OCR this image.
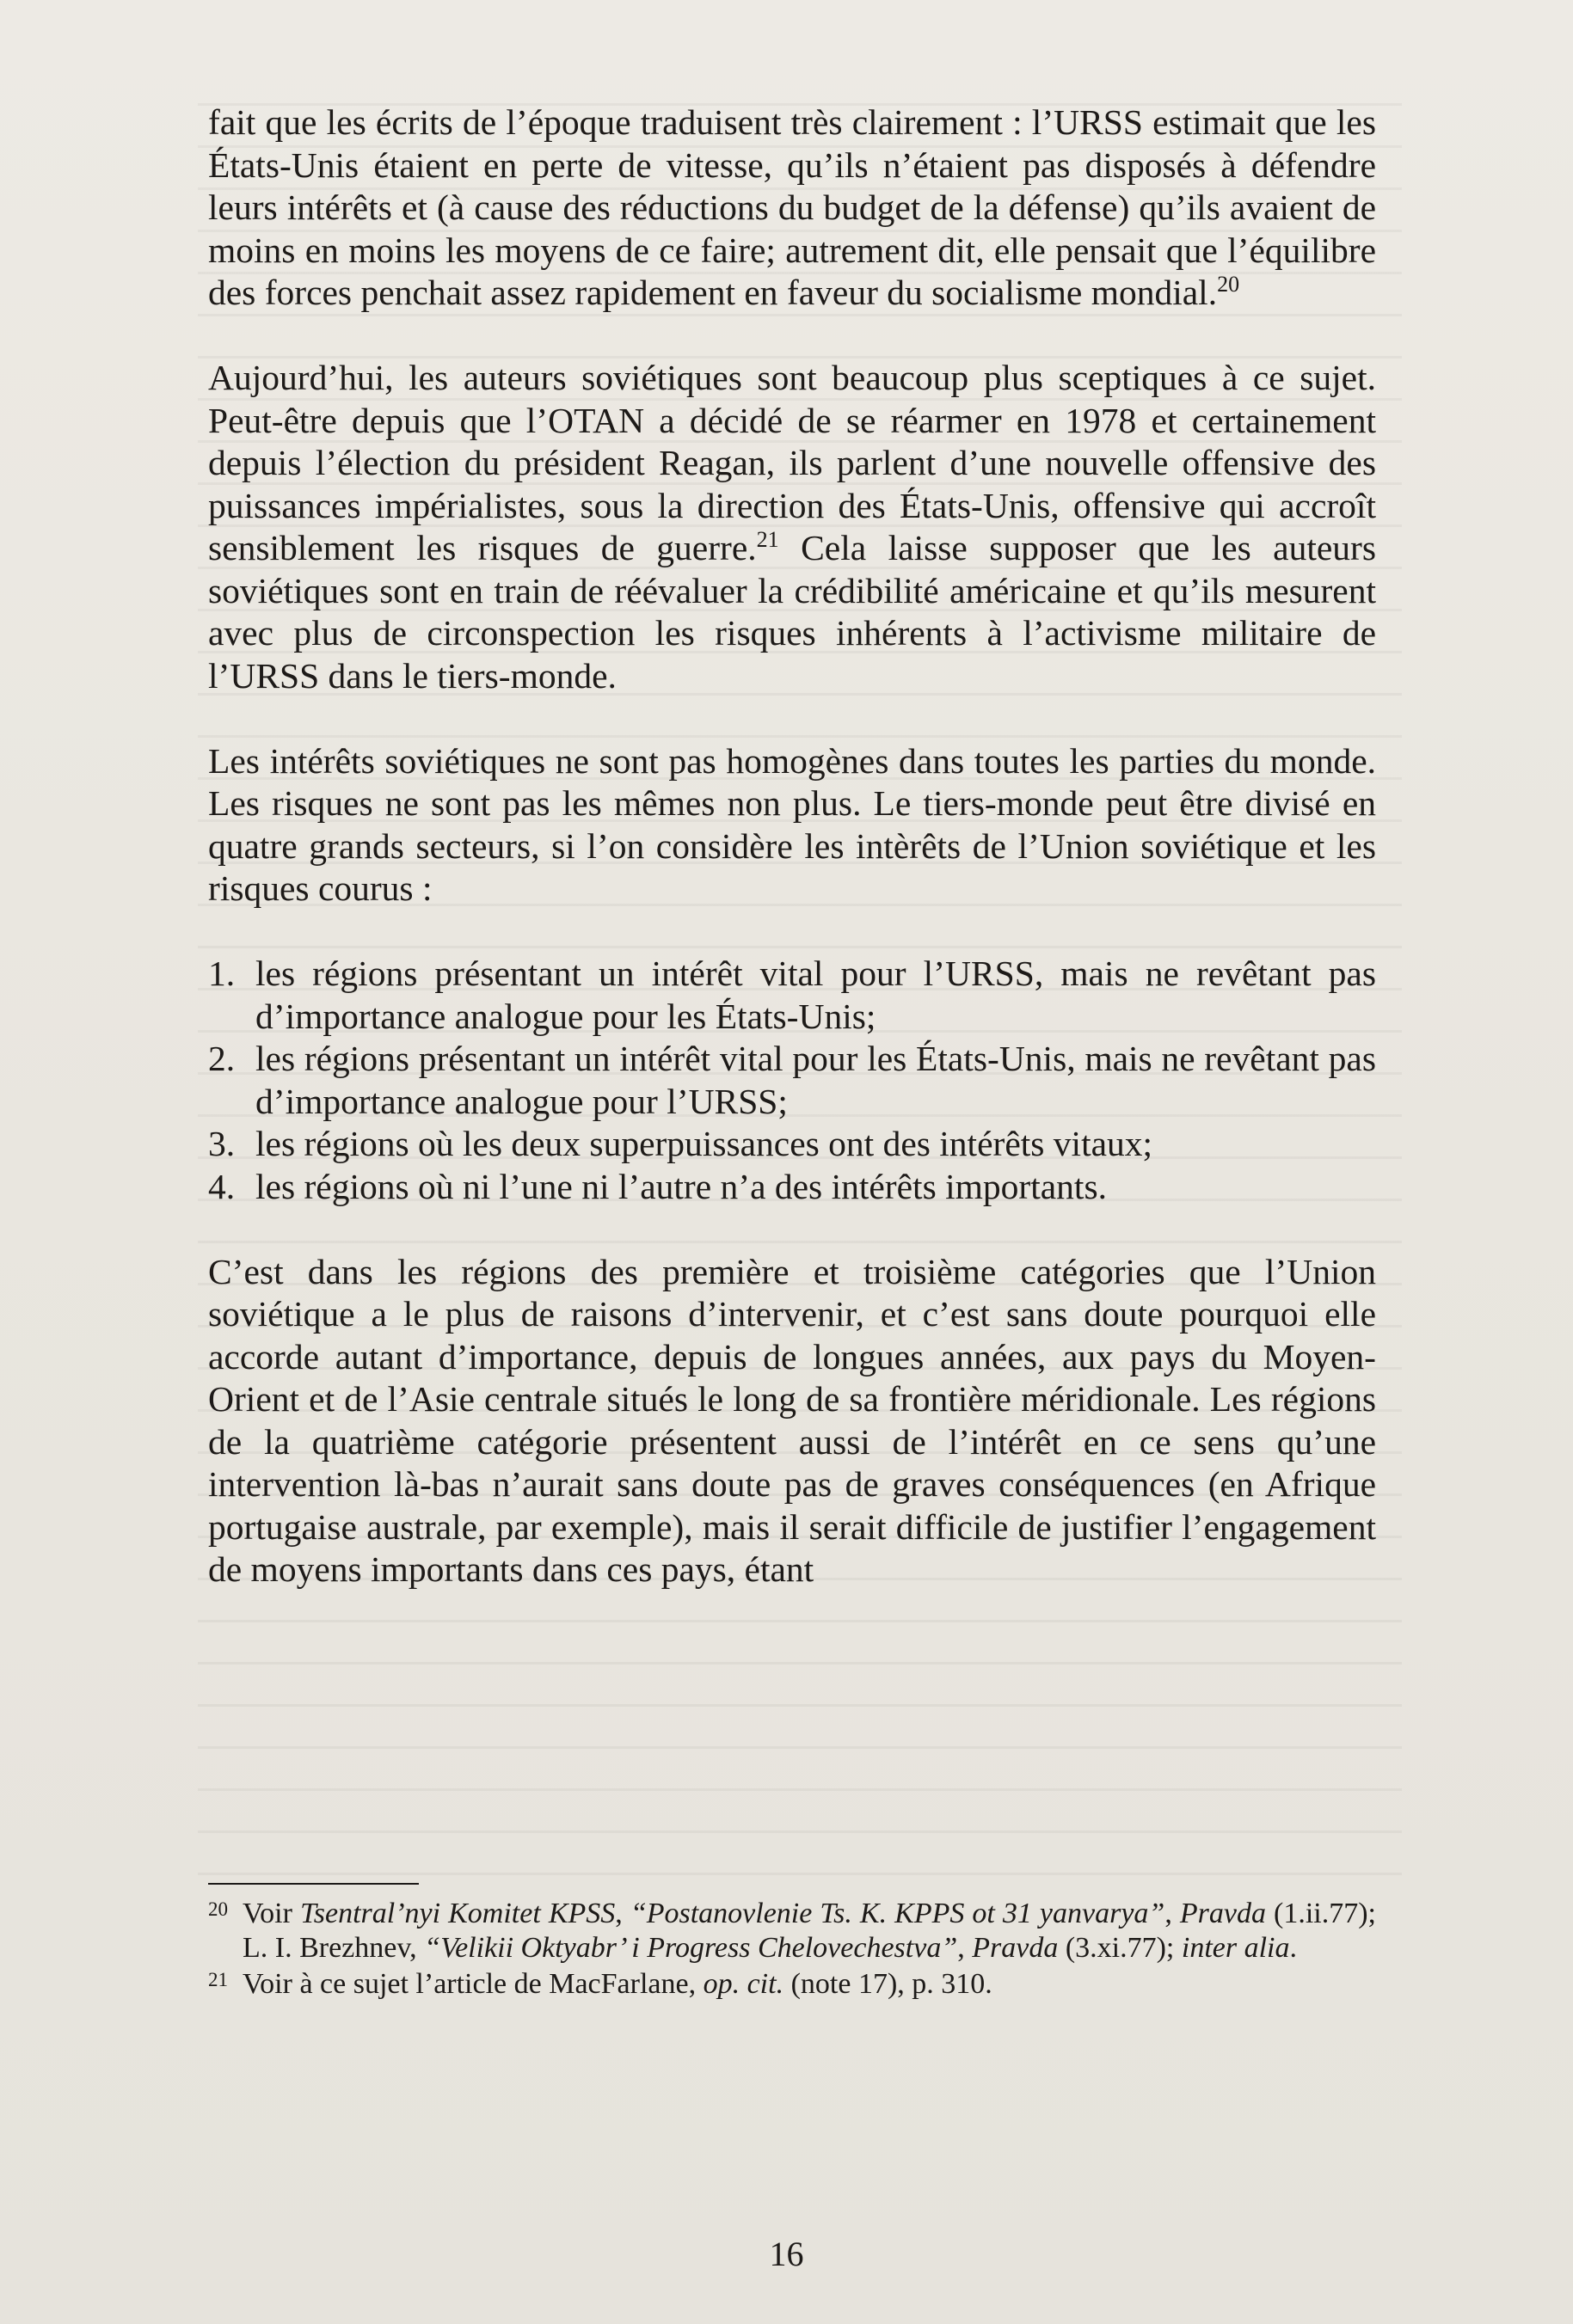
fait que les écrits de l’époque traduisent très clairement : l’URSS estimait que les États-Unis étaient en perte de vitesse, qu’ils n’étaient pas disposés à défendre leurs intérêts et (à cause des réductions du budget de la défense) qu’ils avaient de moins en moins les moyens de ce faire; autrement dit, elle pensait que l’équilibre des forces penchait assez rapidement en faveur du socialisme mondial.$^{20}$

Aujourd’hui, les auteurs soviétiques sont beaucoup plus sceptiques à ce sujet. Peut-être depuis que l’OTAN a décidé de se réarmer en 1978 et certainement depuis l’élection du président Reagan, ils parlent d’une nouvelle offensive des puissances impérialistes, sous la direction des États-Unis, offensive qui accroît sensiblement les risques de guerre.$^{21}$ Cela laisse supposer que les auteurs soviétiques sont en train de réévaluer la crédibilité américaine et qu’ils mesurent avec plus de circonspection les risques inhérents à l’activisme militaire de l’URSS dans le tiers-monde.

Les intérêts soviétiques ne sont pas homogènes dans toutes les parties du monde. Les risques ne sont pas les mêmes non plus. Le tiers-monde peut être divisé en quatre grands secteurs, si l’on considère les intèrêts de l’Union soviétique et les risques courus :

1. les régions présentant un intérêt vital pour l’URSS, mais ne revêtant pas d’importance analogue pour les États-Unis;
2. les régions présentant un intérêt vital pour les États-Unis, mais ne revêtant pas d’importance analogue pour l’URSS;
3. les régions où les deux superpuissances ont des intérêts vitaux;
4. les régions où ni l’une ni l’autre n’a des intérêts importants.

C’est dans les régions des première et troisième catégories que l’Union soviétique a le plus de raisons d’intervenir, et c’est sans doute pourquoi elle accorde autant d’importance, depuis de longues années, aux pays du Moyen-Orient et de l’Asie centrale situés le long de sa frontière méridionale. Les régions de la quatrième catégorie présentent aussi de l’intérêt en ce sens qu’une intervention là-bas n’aurait sans doute pas de graves conséquences (en Afrique portugaise australe, par exemple), mais il serait difficile de justifier l’engagement de moyens importants dans ces pays, étant

20 Voir Tsentral’nyi Komitet KPSS, “Postanovlenie Ts. K. KPPS ot 31 yanvarya”, Pravda (1.ii.77); L. I. Brezhnev, “Velikii Oktyabr’ i Progress Chelovechestva”, Pravda (3.xi.77); inter alia.

21 Voir à ce sujet l’article de MacFarlane, op. cit. (note 17), p. 310.

16
